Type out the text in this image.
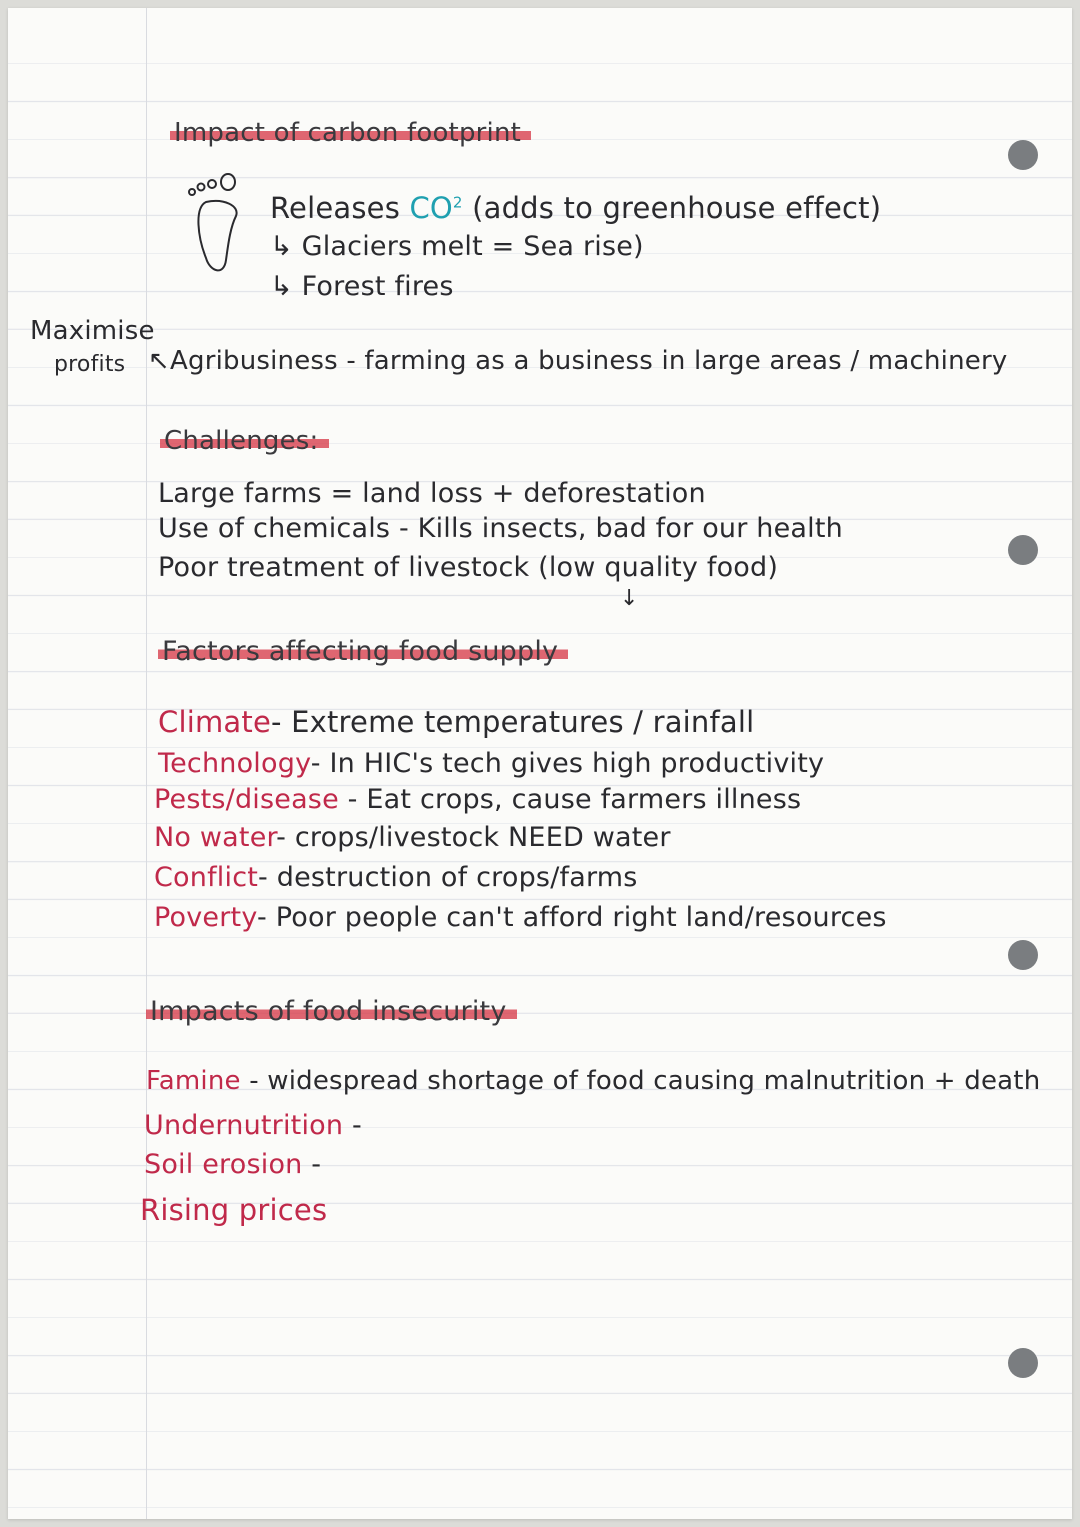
Impact of carbon footprint
Releases $CO^2$ (adds to greenhouse effect)
↳ Glaciers melt = Sea rise)
↳ Forest fires
Maximise
profits ↖Agribusiness - farming as a business in large areas / machinery
Challenges:
Large farms = land loss + deforestation
Use of chemicals - Kills insects, bad for our health
Poor treatment of livestock (low quality food)
↓
Factors affecting food supply
Climate- Extreme temperatures / rainfall
Technology- In HIC's tech gives high productivity
Pests/disease - Eat crops, cause farmers illness
No water- crops/livestock NEED water
Conflict- destruction of crops/farms
Poverty- Poor people can't afford right land/resources
Impacts of food insecurity
Famine - widespread shortage of food causing malnutrition + death
Undernutrition -
Soil erosion -
Rising prices
